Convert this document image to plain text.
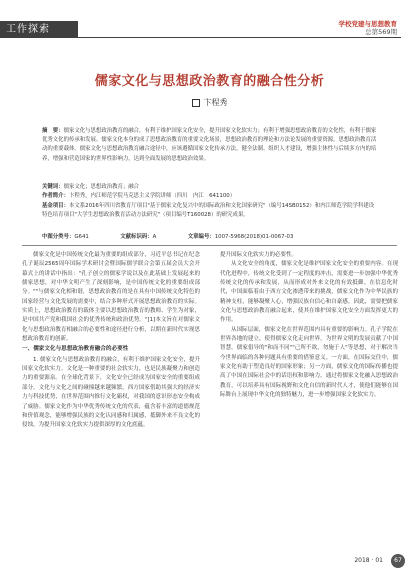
工作探索	学校党建与思想教育
总第569期
儒家文化与思想政治教育的融合性分析
卞程秀
摘　要：儒家文化与思想政治教育的融合，有利于维护国家文化安全，提升国家文化软实力；有利于增强思想政治教育的文化性，有利于儒家优秀文化的传承和发展。儒家文化本身的成了思想政治教育的重要文化场景，思想政治教育的理论和方法论发展的重要资源，思想政治教育活动的重要载体。儒家文化与思想政治教育融合途径中，应该遵循国家文化传承方法，健全法制、组织人才建设，增强主体性与后续多方内的培养，增强和营造国家的世界性影响力，达到全面发展的思想政治效果。
关键词：儒家文化；思想政治教育；融合
作者简介：卞程秀，内江师范学院马克思主义学院讲师（四川　内江　641100）
基金项目：本文系2016年四川省教育厅项目"基于儒家文化复兴中的国际政治和文化国家研究"（编号14SB0152）和内江师范学院学科建设特色培育项目"大学生思想政治教育活动方法研究"（项目编号T160028）的研究成果。
中图分类号：G641	文献标识码：A	文章编号：1007-5968(2018)01-0067-03

儒家文化是中国传统文化最为重要的组成部分，习近平总书记在纪念孔子诞辰2565周年国际学术研讨会暨国际儒学联合会第五届会员大会开幕式上的讲话中指出："孔子创立的儒家学说以及在此基础上发展起来的儒家思想，对中华文明产生了深刻影响，是中国传统文化的重要组成部分。""与儒家文化相和谐，思想政治教育的是在具有中国传统文化特色的国家经营与文化发展的需要中，结合多种形式开展思想政治教育的实际。实质上，思想政治教育的载体主要以思想政治教育的教师、学生为对象，是中国共产党和我国社会的优秀传统和政治优势。"[1]本文旨在对儒家文化与思想政治教育相融合的必要性和途径进行分析，以期在新时代实现思想政治教育的创新。

一、儒家文化与思想政治教育融合的必要性

1. 儒家文化与思想政治教育的融合，有利于维护国家文化安全，提升国家文化软实力。文化是一种重要的社会软实力，也是民族凝聚力和创造力的重要源泉。在全球化背景下，文化安全已经成为国家安全的重要组成部分。文化与文化之间的碰撞越来越频繁，西方国家借助其强大的经济实力与科技优势，在世界范围内推行文化霸权，对我国的意识形态安全构成了威胁。儒家文化作为中华优秀传统文化的代表，蕴含着丰富的道德规范和价值观念，能够增强民族的文化认同感和归属感，抵御外来不良文化的侵蚀，为提升国家文化软实力提供深厚的文化底蕴。

提升国际文化软实力的必要性。

从文化安全的角度，儒家文化是维护国家文化安全的重要内容。在现代化进程中，传统文化受到了一定程度的冲击，需要进一步加强中华优秀传统文化的传承和发展，从而形成对外来文化的有效抵御。在信息化时代，中国面临着由于西方文化渗透带来的挑战，儒家文化作为中华民族的精神支柱，能够凝聚人心，增强民族自信心和自豪感。因此，需要把儒家文化与思想政治教育融合起来，使其在维护国家文化安全方面发挥更大的作用。

从国际层面，儒家文化在世界范围内具有重要的影响力。孔子学院在世界各地的建立，使得儒家文化走向世界，为世界文明的发展贡献了中国智慧。儒家倡导的"和而不同""己所不欲，勿施于人"等思想，对于解决当今世界面临的各种问题具有重要的借鉴意义。一方面，在国际交往中，儒家文化有助于塑造良好的国家形象；另一方面，儒家文化的国际传播也提高了中国在国际社会中的话语权和影响力。通过将儒家文化融入思想政治教育，可以培养具有国际视野和文化自信的新时代人才，使他们能够在国际舞台上展现中华文化的独特魅力，进一步增强国家文化软实力。

2018 · 01 67
